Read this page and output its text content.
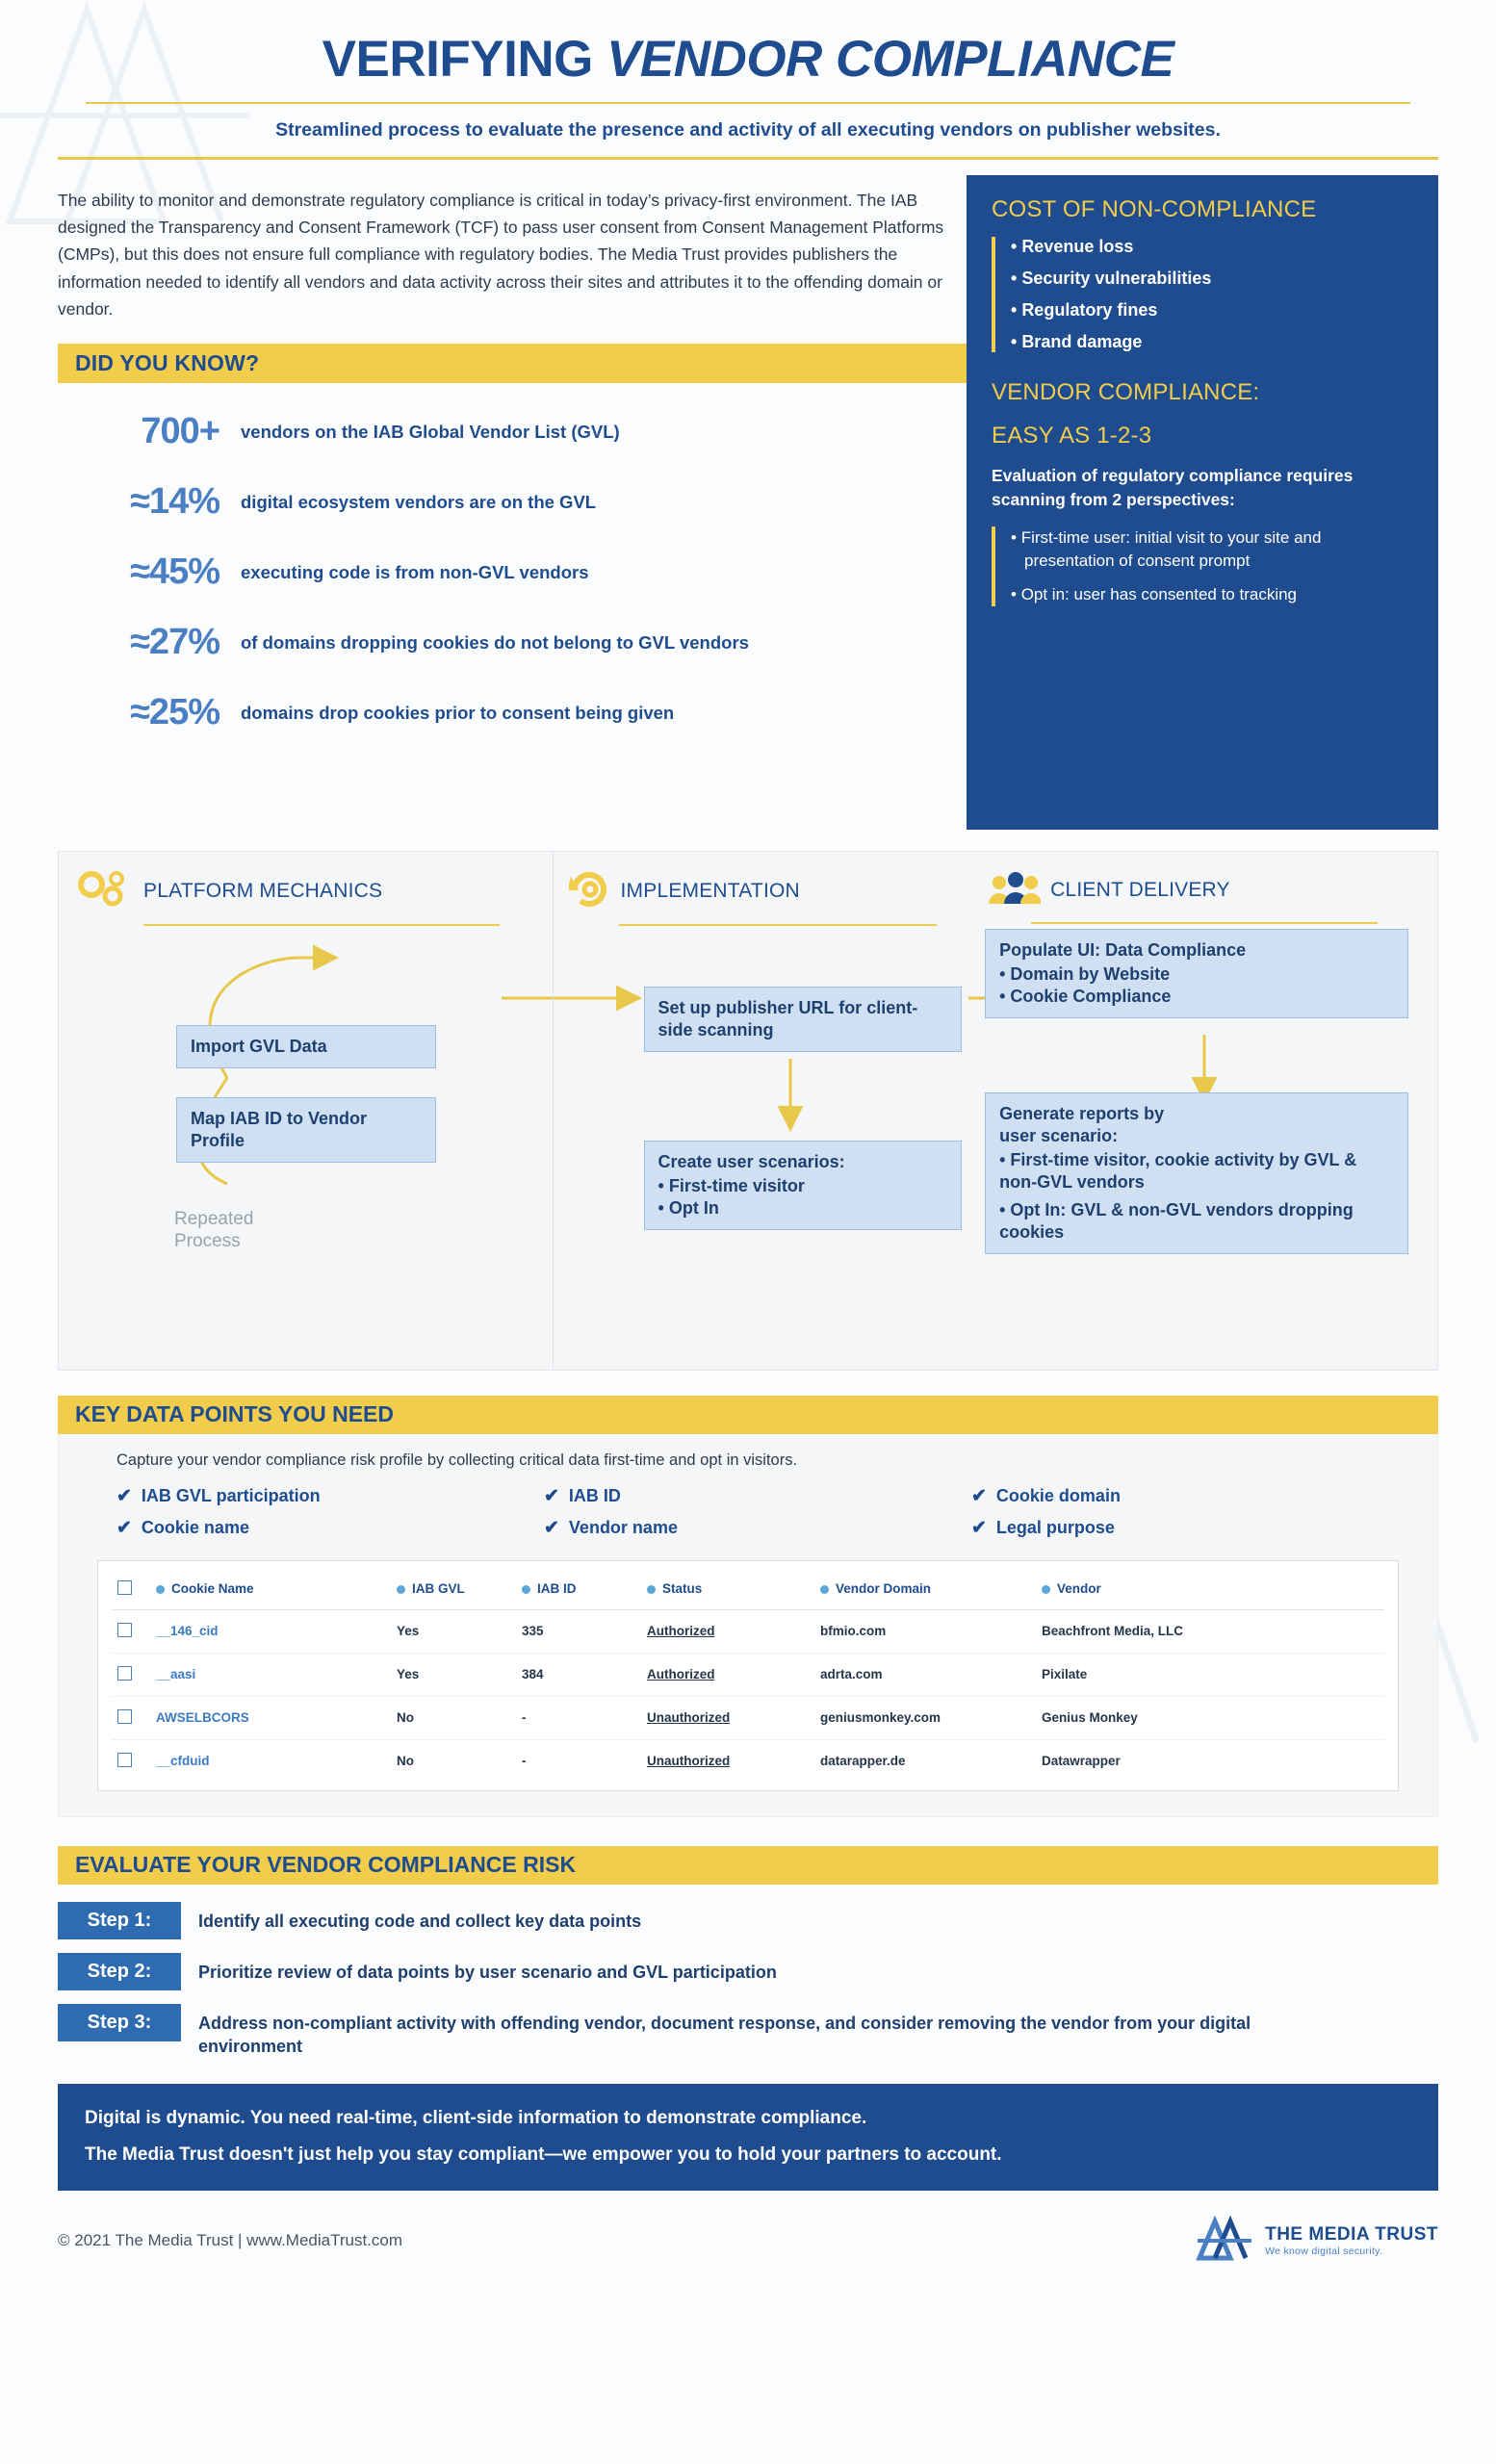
VERIFYING VENDOR COMPLIANCE
Streamlined process to evaluate the presence and activity of all executing vendors on publisher websites.
The ability to monitor and demonstrate regulatory compliance is critical in today’s privacy-first environment. The IAB designed the Transparency and Consent Framework (TCF) to pass user consent from Consent Management Platforms (CMPs), but this does not ensure full compliance with regulatory bodies. The Media Trust provides publishers the information needed to identify all vendors and data activity across their sites and attributes it to the offending domain or vendor.
DID YOU KNOW?
700+	vendors on the IAB Global Vendor List (GVL)
≈14%	digital ecosystem vendors are on the GVL
≈45%	executing code is from non-GVL vendors
≈27%	of domains dropping cookies do not belong to GVL vendors
≈25%	domains drop cookies prior to consent being given
COST OF NON-COMPLIANCE
• Revenue loss
• Security vulnerabilities
• Regulatory fines
• Brand damage
VENDOR COMPLIANCE:
EASY AS 1-2-3
Evaluation of regulatory compliance requires scanning from 2 perspectives:
• First-time user: initial visit to your site and presentation of consent prompt
• Opt in: user has consented to tracking
PLATFORM MECHANICS
Import GVL Data
Map IAB ID to Vendor Profile
Repeated
Process
IMPLEMENTATION
Set up publisher URL for client-side scanning
Create user scenarios:
• First-time visitor
• Opt In
CLIENT DELIVERY
Populate UI: Data Compliance
• Domain by Website
• Cookie Compliance
Generate reports by
user scenario:
• First-time visitor, cookie activity by GVL & non-GVL vendors
• Opt In: GVL & non-GVL vendors dropping cookies
KEY DATA POINTS YOU NEED
Capture your vendor compliance risk profile by collecting critical data first-time and opt in visitors.
✔ IAB GVL participation	✔ IAB ID	✔ Cookie domain
✔ Cookie name	✔ Vendor name	✔ Legal purpose
	Cookie Name	IAB GVL	IAB ID	Status	Vendor Domain	Vendor
	__146_cid	Yes	335	Authorized	bfmio.com	Beachfront Media, LLC
	__aasi	Yes	384	Authorized	adrta.com	Pixilate
	AWSELBCORS	No	-	Unauthorized	geniusmonkey.com	Genius Monkey
	__cfduid	No	-	Unauthorized	datarapper.de	Datawrapper
EVALUATE YOUR VENDOR COMPLIANCE RISK
Step 1:	Identify all executing code and collect key data points
Step 2:	Prioritize review of data points by user scenario and GVL participation
Step 3:	Address non-compliant activity with offending vendor, document response, and consider removing the vendor from your digital environment

Digital is dynamic. You need real-time, client-side information to demonstrate compliance.

The Media Trust doesn't just help you stay compliant—we empower you to hold your partners to account.

© 2021 The Media Trust | www.MediaTrust.com	THE MEDIA TRUST
We know digital security.
